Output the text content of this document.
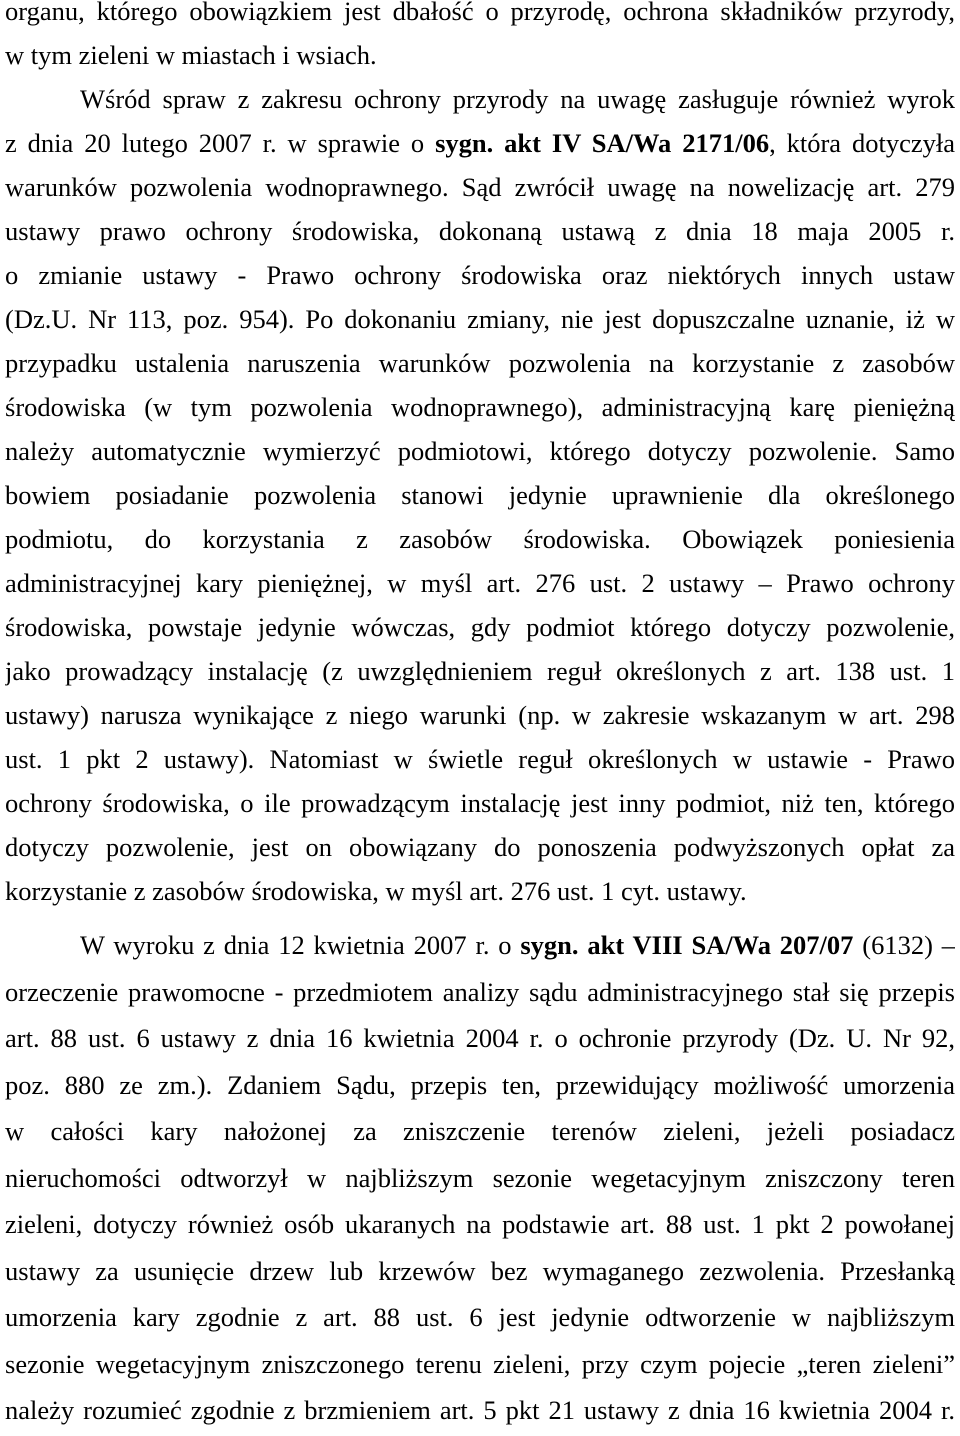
organu, którego obowiązkiem jest dbałość o przyrodę, ochrona składników przyrody,
w tym zieleni w miastach i wsiach.
Wśród spraw z zakresu ochrony przyrody na uwagę zasługuje również wyrok
z dnia 20 lutego 2007 r. w sprawie o sygn. akt IV SA/Wa 2171/06, która dotyczyła
warunków pozwolenia wodnoprawnego. Sąd zwrócił uwagę na nowelizację art. 279
ustawy prawo ochrony środowiska, dokonaną ustawą z dnia 18 maja 2005 r.
o zmianie ustawy - Prawo ochrony środowiska oraz niektórych innych ustaw
(Dz.U. Nr 113, poz. 954). Po dokonaniu zmiany, nie jest dopuszczalne uznanie, iż w
przypadku ustalenia naruszenia warunków pozwolenia na korzystanie z zasobów
środowiska (w tym pozwolenia wodnoprawnego), administracyjną karę pieniężną
należy automatycznie wymierzyć podmiotowi, którego dotyczy pozwolenie. Samo
bowiem posiadanie pozwolenia stanowi jedynie uprawnienie dla określonego
podmiotu, do korzystania z zasobów środowiska. Obowiązek poniesienia
administracyjnej kary pieniężnej, w myśl art. 276 ust. 2 ustawy – Prawo ochrony
środowiska, powstaje jedynie wówczas, gdy podmiot którego dotyczy pozwolenie,
jako prowadzący instalację (z uwzględnieniem reguł określonych z art. 138 ust. 1
ustawy) narusza wynikające z niego warunki (np. w zakresie wskazanym w art. 298
ust. 1 pkt 2 ustawy). Natomiast w świetle reguł określonych w ustawie - Prawo
ochrony środowiska, o ile prowadzącym instalację jest inny podmiot, niż ten, którego
dotyczy pozwolenie, jest on obowiązany do ponoszenia podwyższonych opłat za
korzystanie z zasobów środowiska, w myśl art. 276 ust. 1 cyt. ustawy.
W wyroku z dnia 12 kwietnia 2007 r. o sygn. akt VIII SA/Wa 207/07 (6132) –
orzeczenie prawomocne - przedmiotem analizy sądu administracyjnego stał się przepis
art. 88 ust. 6 ustawy z dnia 16 kwietnia 2004 r. o ochronie przyrody (Dz. U. Nr 92,
poz. 880 ze zm.). Zdaniem Sądu, przepis ten, przewidujący możliwość umorzenia
w całości kary nałożonej za zniszczenie terenów zieleni, jeżeli posiadacz
nieruchomości odtworzył w najbliższym sezonie wegetacyjnym zniszczony teren
zieleni, dotyczy również osób ukaranych na podstawie art. 88 ust. 1 pkt 2 powołanej
ustawy za usunięcie drzew lub krzewów bez wymaganego zezwolenia. Przesłanką
umorzenia kary zgodnie z art. 88 ust. 6 jest jedynie odtworzenie w najbliższym
sezonie wegetacyjnym zniszczonego terenu zieleni, przy czym pojecie „teren zieleni”
należy rozumieć zgodnie z brzmieniem art. 5 pkt 21 ustawy z dnia 16 kwietnia 2004 r.
